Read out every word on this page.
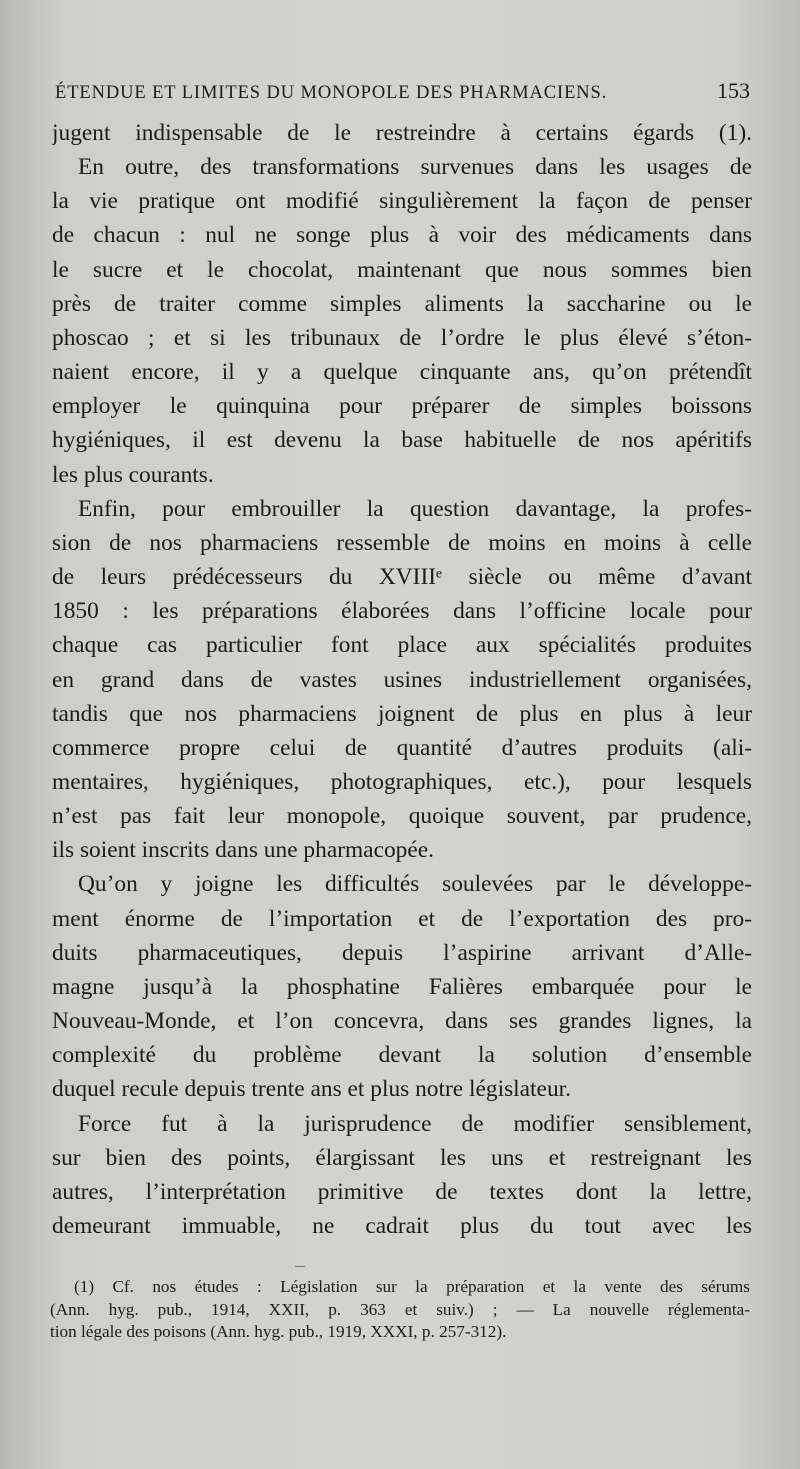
ÉTENDUE ET LIMITES DU MONOPOLE DES PHARMACIENS.	153
jugent indispensable de le restreindre à certains égards (1).
En outre, des transformations survenues dans les usages de
la vie pratique ont modifié singulièrement la façon de penser
de chacun : nul ne songe plus à voir des médicaments dans
le sucre et le chocolat, maintenant que nous sommes bien
près de traiter comme simples aliments la saccharine ou le
phoscao ; et si les tribunaux de l’ordre le plus élevé s’éton-
naient encore, il y a quelque cinquante ans, qu’on prétendît
employer le quinquina pour préparer de simples boissons
hygiéniques, il est devenu la base habituelle de nos apéritifs
les plus courants.
Enfin, pour embrouiller la question davantage, la profes-
sion de nos pharmaciens ressemble de moins en moins à celle
de leurs prédécesseurs du XVIIIᵉ siècle ou même d’avant
1850 : les préparations élaborées dans l’officine locale pour
chaque cas particulier font place aux spécialités produites
en grand dans de vastes usines industriellement organisées,
tandis que nos pharmaciens joignent de plus en plus à leur
commerce propre celui de quantité d’autres produits (ali-
mentaires, hygiéniques, photographiques, etc.), pour lesquels
n’est pas fait leur monopole, quoique souvent, par prudence,
ils soient inscrits dans une pharmacopée.
Qu’on y joigne les difficultés soulevées par le développe-
ment énorme de l’importation et de l’exportation des pro-
duits pharmaceutiques, depuis l’aspirine arrivant d’Alle-
magne jusqu’à la phosphatine Falières embarquée pour le
Nouveau-Monde, et l’on concevra, dans ses grandes lignes, la
complexité du problème devant la solution d’ensemble
duquel recule depuis trente ans et plus notre législateur.
Force fut à la jurisprudence de modifier sensiblement,
sur bien des points, élargissant les uns et restreignant les
autres, l’interprétation primitive de textes dont la lettre,
demeurant immuable, ne cadrait plus du tout avec les
(1) Cf. nos études : Législation sur la préparation et la vente des sérums
(Ann. hyg. pub., 1914, XXII, p. 363 et suiv.) ; — La nouvelle réglementa-
tion légale des poisons (Ann. hyg. pub., 1919, XXXI, p. 257-312).
